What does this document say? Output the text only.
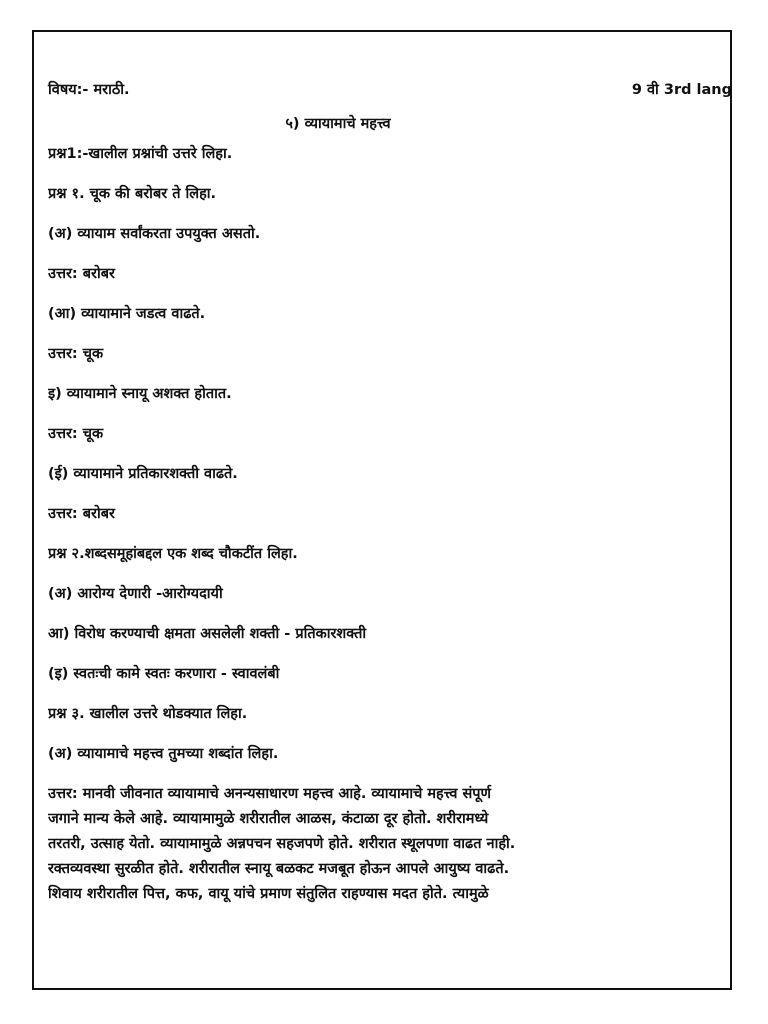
विषय:- मराठी.	9 वी 3rd lang
५) व्यायामाचे महत्त्व
प्रश्न1:-खालील प्रश्नांची उत्तरे लिहा.
प्रश्न १. चूक की बरोबर ते लिहा.
(अ) व्यायाम सर्वांकरता उपयुक्त असतो.
उत्तर: बरोबर
(आ) व्यायामाने जडत्व वाढते.
उत्तर: चूक
इ) व्यायामाने स्नायू अशक्त होतात.
उत्तर: चूक
(ई) व्यायामाने प्रतिकारशक्ती वाढते.
उत्तर: बरोबर
प्रश्न २.शब्दसमूहांबद्दल एक शब्द चौकटींत लिहा.
(अ) आरोग्य देणारी -आरोग्यदायी
आ) विरोध करण्याची क्षमता असलेली शक्ती - प्रतिकारशक्ती
(इ) स्वतःची कामे स्वतः करणारा - स्वावलंबी
प्रश्न ३. खालील उत्तरे थोडक्यात लिहा.
(अ) व्यायामाचे महत्त्व तुमच्या शब्दांत लिहा.
उत्तर: मानवी जीवनात व्यायामाचे अनन्यसाधारण महत्त्व आहे. व्यायामाचे महत्त्व संपूर्ण
जगाने मान्य केले आहे. व्यायामामुळे शरीरातील आळस, कंटाळा दूर होतो. शरीरामध्ये
तरतरी, उत्साह येतो. व्यायामामुळे अन्नपचन सहजपणे होते. शरीरात स्थूलपणा वाढत नाही.
रक्तव्यवस्था सुरळीत होते. शरीरातील स्नायू बळकट मजबूत होऊन आपले आयुष्य वाढते.
शिवाय शरीरातील पित्त, कफ, वायू यांचे प्रमाण संतुलित राहण्यास मदत होते. त्यामुळे
